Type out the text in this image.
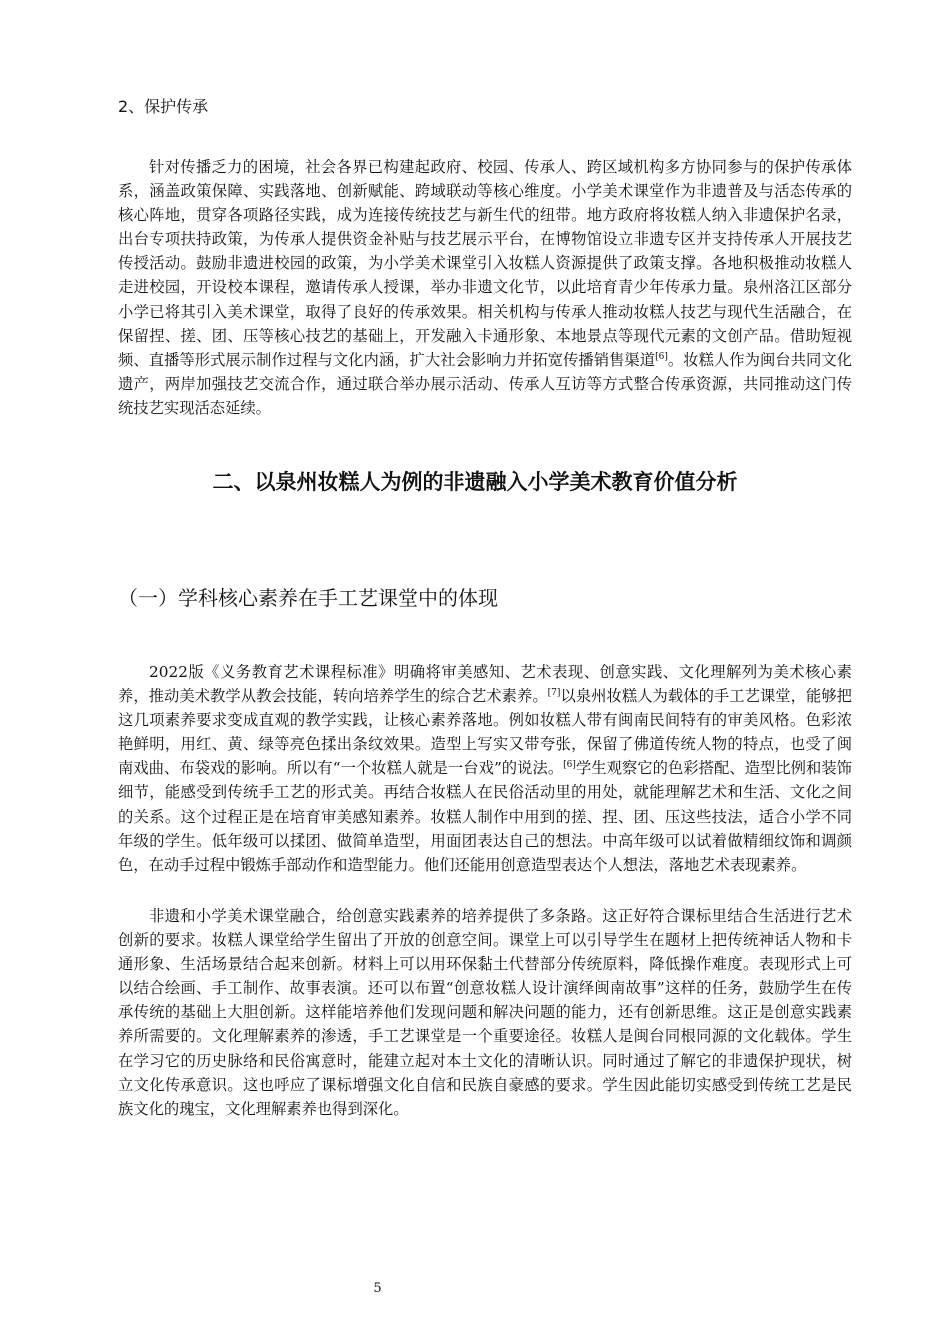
2、保护传承

针对传播乏力的困境，社会各界已构建起政府、校园、传承人、跨区域机构多方协同参与的保护传承体系，涵盖政策保障、实践落地、创新赋能、跨域联动等核心维度。小学美术课堂作为非遗普及与活态传承的核心阵地，贯穿各项路径实践，成为连接传统技艺与新生代的纽带。地方政府将妆糕人纳入非遗保护名录，出台专项扶持政策，为传承人提供资金补贴与技艺展示平台，在博物馆设立非遗专区并支持传承人开展技艺传授活动。鼓励非遗进校园的政策，为小学美术课堂引入妆糕人资源提供了政策支撑。各地积极推动妆糕人走进校园，开设校本课程，邀请传承人授课，举办非遗文化节，以此培育青少年传承力量。泉州洛江区部分小学已将其引入美术课堂，取得了良好的传承效果。相关机构与传承人推动妆糕人技艺与现代生活融合，在保留捏、搓、团、压等核心技艺的基础上，开发融入卡通形象、本地景点等现代元素的文创产品。借助短视频、直播等形式展示制作过程与文化内涵，扩大社会影响力并拓宽传播销售渠道[6]。妆糕人作为闽台共同文化遗产，两岸加强技艺交流合作，通过联合举办展示活动、传承人互访等方式整合传承资源，共同推动这门传统技艺实现活态延续。

二、以泉州妆糕人为例的非遗融入小学美术教育价值分析
（一）学科核心素养在手工艺课堂中的体现

2022版《义务教育艺术课程标准》明确将审美感知、艺术表现、创意实践、文化理解列为美术核心素养，推动美术教学从教会技能，转向培养学生的综合艺术素养。[7]以泉州妆糕人为载体的手工艺课堂，能够把这几项素养要求变成直观的教学实践，让核心素养落地。例如妆糕人带有闽南民间特有的审美风格。色彩浓艳鲜明，用红、黄、绿等亮色揉出条纹效果。造型上写实又带夸张，保留了佛道传统人物的特点，也受了闽南戏曲、布袋戏的影响。所以有“一个妆糕人就是一台戏”的说法。[6]学生观察它的色彩搭配、造型比例和装饰细节，能感受到传统手工艺的形式美。再结合妆糕人在民俗活动里的用处，就能理解艺术和生活、文化之间的关系。这个过程正是在培育审美感知素养。妆糕人制作中用到的搓、捏、团、压这些技法，适合小学不同年级的学生。低年级可以揉团、做简单造型，用面团表达自己的想法。中高年级可以试着做精细纹饰和调颜色，在动手过程中锻炼手部动作和造型能力。他们还能用创意造型表达个人想法，落地艺术表现素养。

非遗和小学美术课堂融合，给创意实践素养的培养提供了多条路。这正好符合课标里结合生活进行艺术创新的要求。妆糕人课堂给学生留出了开放的创意空间。课堂上可以引导学生在题材上把传统神话人物和卡通形象、生活场景结合起来创新。材料上可以用环保黏土代替部分传统原料，降低操作难度。表现形式上可以结合绘画、手工制作、故事表演。还可以布置“创意妆糕人设计演绎闽南故事”这样的任务，鼓励学生在传承传统的基础上大胆创新。这样能培养他们发现问题和解决问题的能力，还有创新思维。这正是创意实践素养所需要的。文化理解素养的渗透，手工艺课堂是一个重要途径。妆糕人是闽台同根同源的文化载体。学生在学习它的历史脉络和民俗寓意时，能建立起对本土文化的清晰认识。同时通过了解它的非遗保护现状，树立文化传承意识。这也呼应了课标增强文化自信和民族自豪感的要求。学生因此能切实感受到传统工艺是民族文化的瑰宝，文化理解素养也得到深化。

5
